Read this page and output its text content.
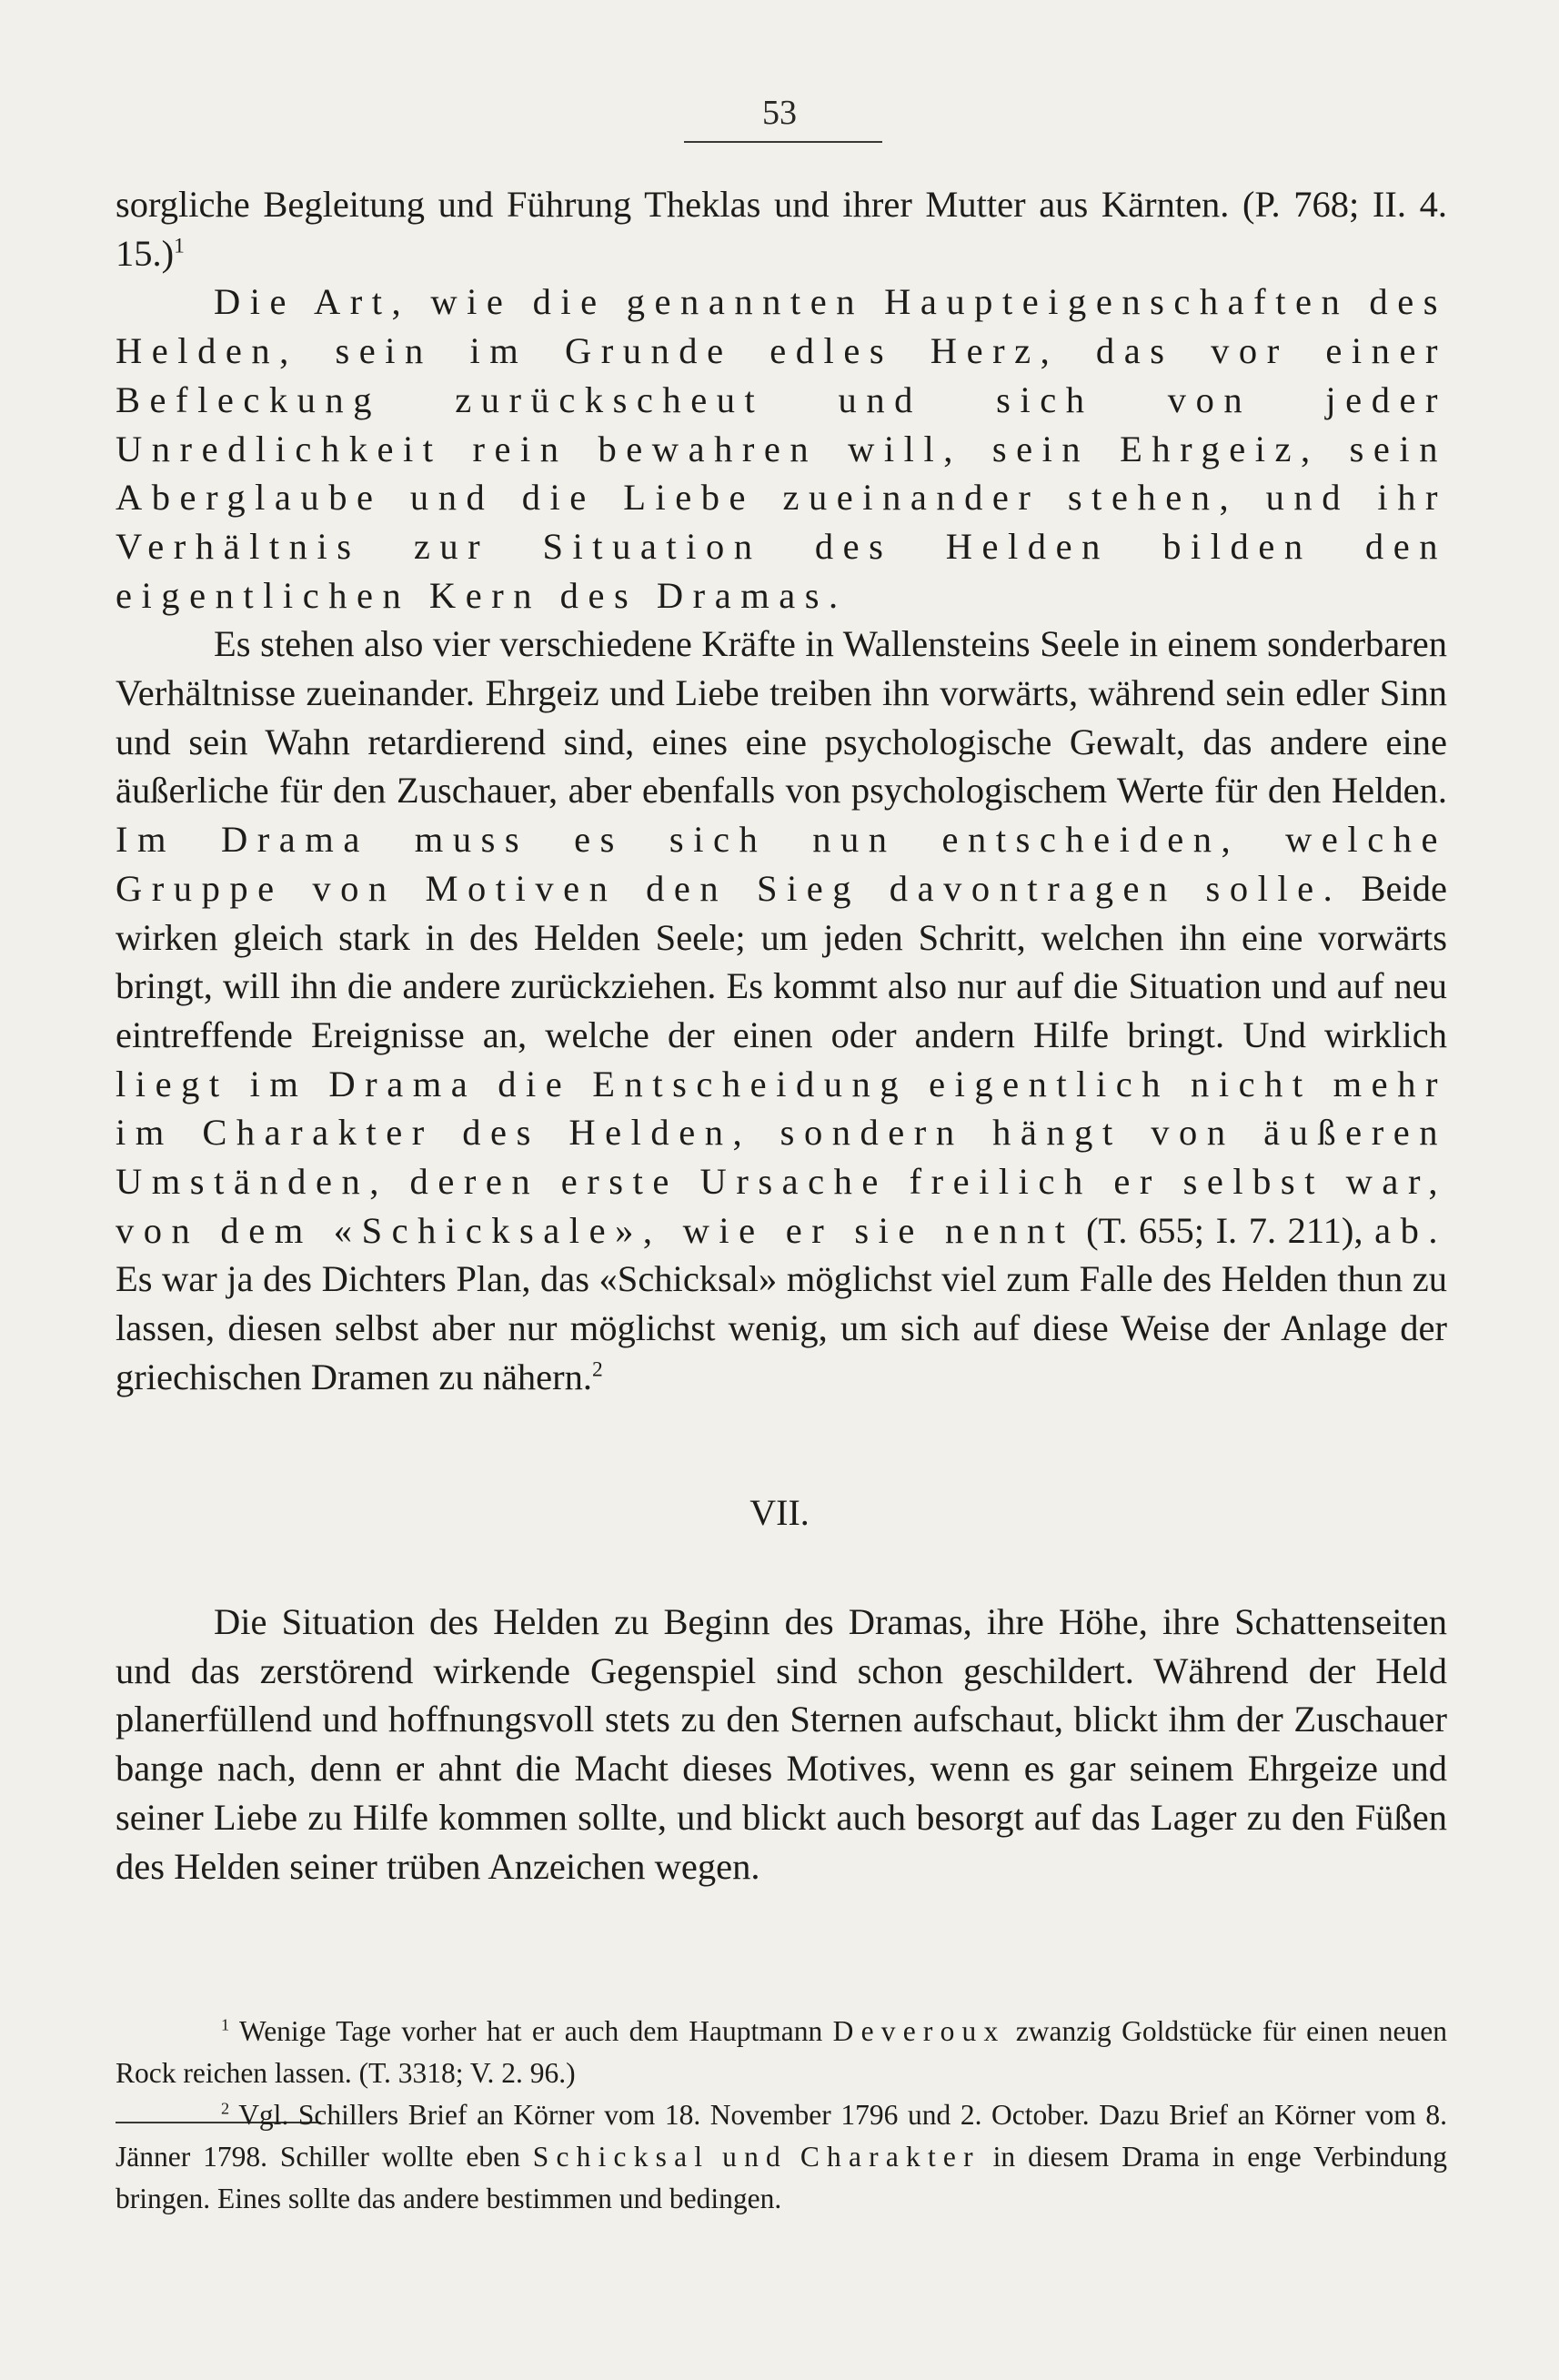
53

sorgliche Begleitung und Führung Theklas und ihrer Mutter aus Kärnten. (P. 768; II. 4. 15.)$^1$

Die Art, wie die genannten Haupteigenschaften des Helden, sein im Grunde edles Herz, das vor einer Befleckung zurückscheut und sich von jeder Unredlichkeit rein bewahren will, sein Ehrgeiz, sein Aberglaube und die Liebe zueinander stehen, und ihr Verhältnis zur Situation des Helden bilden den eigentlichen Kern des Dramas.

Es stehen also vier verschiedene Kräfte in Wallensteins Seele in einem sonderbaren Verhältnisse zueinander. Ehrgeiz und Liebe treiben ihn vorwärts, während sein edler Sinn und sein Wahn retardierend sind, eines eine psychologische Gewalt, das andere eine äußerliche für den Zuschauer, aber ebenfalls von psychologischem Werte für den Helden. Im Drama muss es sich nun entscheiden, welche Gruppe von Motiven den Sieg davontragen solle. Beide wirken gleich stark in des Helden Seele; um jeden Schritt, welchen ihn eine vorwärts bringt, will ihn die andere zurückziehen. Es kommt also nur auf die Situation und auf neu eintreffende Ereignisse an, welche der einen oder andern Hilfe bringt. Und wirklich liegt im Drama die Entscheidung eigentlich nicht mehr im Charakter des Helden, sondern hängt von äußeren Umständen, deren erste Ursache freilich er selbst war, von dem «Schicksale», wie er sie nennt (T. 655; I. 7. 211), ab. Es war ja des Dichters Plan, das «Schicksal» möglichst viel zum Falle des Helden thun zu lassen, diesen selbst aber nur möglichst wenig, um sich auf diese Weise der Anlage der griechischen Dramen zu nähern.$^2$

VII.

Die Situation des Helden zu Beginn des Dramas, ihre Höhe, ihre Schattenseiten und das zerstörend wirkende Gegenspiel sind schon geschildert. Während der Held planerfüllend und hoffnungsvoll stets zu den Sternen aufschaut, blickt ihm der Zuschauer bange nach, denn er ahnt die Macht dieses Motives, wenn es gar seinem Ehrgeize und seiner Liebe zu Hilfe kommen sollte, und blickt auch besorgt auf das Lager zu den Füßen des Helden seiner trüben Anzeichen wegen.

$^1$ Wenige Tage vorher hat er auch dem Hauptmann Deveroux zwanzig Goldstücke für einen neuen Rock reichen lassen. (T. 3318; V. 2. 96.)

$^2$ Vgl. Schillers Brief an Körner vom 18. November 1796 und 2. October. Dazu Brief an Körner vom 8. Jänner 1798. Schiller wollte eben Schicksal und Charakter in diesem Drama in enge Verbindung bringen. Eines sollte das andere bestimmen und bedingen.
